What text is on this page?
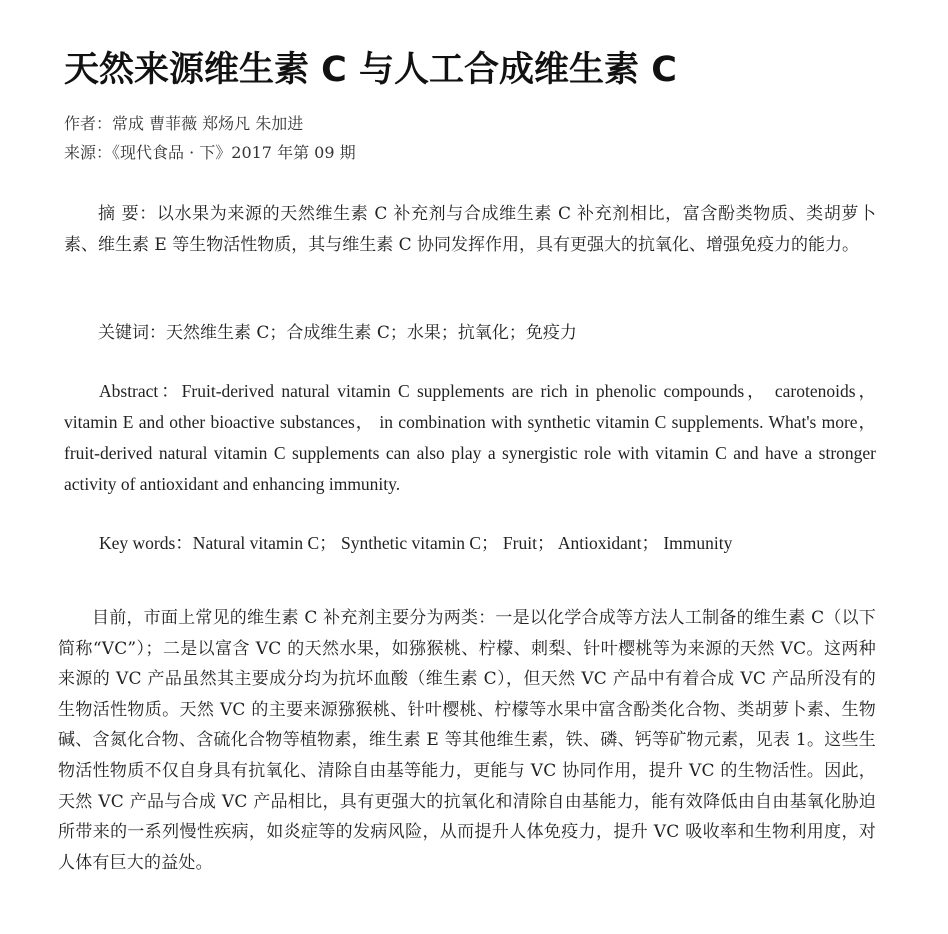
天然来源维生素 C 与人工合成维生素 C
作者：常成 曹菲薇 郑炀凡 朱加进
来源：《现代食品 · 下》2017 年第 09 期

摘 要：以水果为来源的天然维生素 C 补充剂与合成维生素 C 补充剂相比，富含酚类物质、类胡萝卜素、维生素 E 等生物活性物质，其与维生素 C 协同发挥作用，具有更强大的抗氧化、增强免疫力的能力。

关键词：天然维生素 C；合成维生素 C；水果；抗氧化；免疫力

Abstract：Fruit-derived natural vitamin C supplements are rich in phenolic compounds， carotenoids， vitamin E and other bioactive substances， in combination with synthetic vitamin C supplements. What's more， fruit-derived natural vitamin C supplements can also play a synergistic role with vitamin C and have a stronger activity of antioxidant and enhancing immunity.

Key words：Natural vitamin C； Synthetic vitamin C； Fruit； Antioxidant； Immunity

目前，市面上常见的维生素 C 补充剂主要分为两类：一是以化学合成等方法人工制备的维生素 C（以下简称“VC”）；二是以富含 VC 的天然水果，如猕猴桃、柠檬、刺梨、针叶樱桃等为来源的天然 VC。这两种来源的 VC 产品虽然其主要成分均为抗坏血酸（维生素 C），但天然 VC 产品中有着合成 VC 产品所没有的生物活性物质。天然 VC 的主要来源猕猴桃、针叶樱桃、柠檬等水果中富含酚类化合物、类胡萝卜素、生物碱、含氮化合物、含硫化合物等植物素，维生素 E 等其他维生素，铁、磷、钙等矿物元素，见表 1。这些生物活性物质不仅自身具有抗氧化、清除自由基等能力，更能与 VC 协同作用，提升 VC 的生物活性。因此，天然 VC 产品与合成 VC 产品相比，具有更强大的抗氧化和清除自由基能力，能有效降低由自由基氧化胁迫所带来的一系列慢性疾病，如炎症等的发病风险，从而提升人体免疫力，提升 VC 吸收率和生物利用度，对人体有巨大的益处。
